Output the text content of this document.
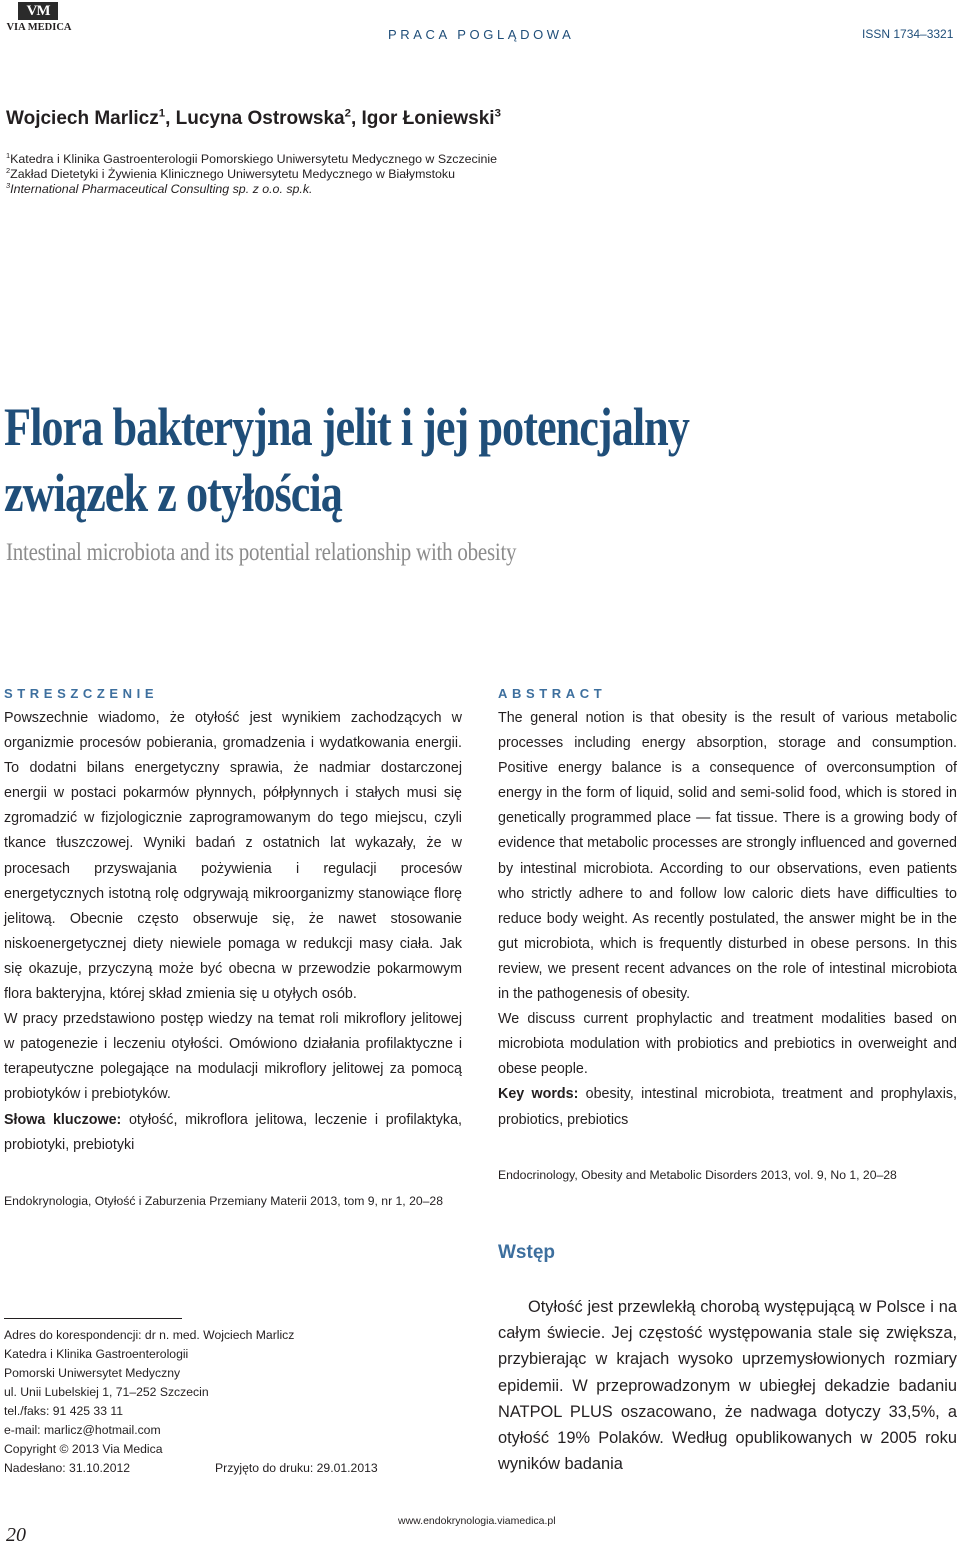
VM
VIA MEDICA	PRACA POGLĄDOWA	ISSN 1734–3321
Wojciech Marlicz$^1$, Lucyna Ostrowska$^2$, Igor Łoniewski$^3$
$^1$Katedra i Klinika Gastroenterologii Pomorskiego Uniwersytetu Medycznego w Szczecinie
$^2$Zakład Dietetyki i Żywienia Klinicznego Uniwersytetu Medycznego w Białymstoku
$^3$International Pharmaceutical Consulting sp. z o.o. sp.k.
Flora bakteryjna jelit i jej potencjalny
związek z otyłością
Intestinal microbiota and its potential relationship with obesity
STRESZCZENIE

Powszechnie wiadomo, że otyłość jest wynikiem zachodzących w organizmie procesów pobierania, gromadzenia i wydatkowania energii. To dodatni bilans energetyczny sprawia, że nadmiar dostarczonej energii w postaci pokarmów płynnych, półpłynnych i stałych musi się zgromadzić w fizjologicznie zaprogramowanym do tego miejscu, czyli tkance tłuszczowej. Wyniki badań z ostatnich lat wykazały, że w procesach przyswajania pożywienia i regulacji procesów energetycznych istotną rolę odgrywają mikroorganizmy stanowiące florę jelitową. Obecnie często obserwuje się, że nawet stosowanie niskoenergetycznej diety niewiele pomaga w redukcji masy ciała. Jak się okazuje, przyczyną może być obecna w przewodzie pokarmowym flora bakteryjna, której skład zmienia się u otyłych osób.

W pracy przedstawiono postęp wiedzy na temat roli mikroflory jelitowej w patogenezie i leczeniu otyłości. Omówiono działania profilaktyczne i terapeutyczne polegające na modulacji mikroflory jelitowej za pomocą probiotyków i prebiotyków.

Słowa kluczowe: otyłość, mikroflora jelitowa, leczenie i profilaktyka, probiotyki, prebiotyki

Endokrynologia, Otyłość i Zaburzenia Przemiany Materii 2013, tom 9, nr 1, 20–28
ABSTRACT

The general notion is that obesity is the result of various metabolic processes including energy absorption, storage and consumption. Positive energy balance is a consequence of overconsumption of energy in the form of liquid, solid and semi-solid food, which is stored in genetically programmed place — fat tissue. There is a growing body of evidence that metabolic processes are strongly influenced and governed by intestinal microbiota. According to our observations, even patients who strictly adhere to and follow low caloric diets have difficulties to reduce body weight. As recently postulated, the answer might be in the gut microbiota, which is frequently disturbed in obese persons. In this review, we present recent advances on the role of intestinal microbiota in the pathogenesis of obesity.

We discuss current prophylactic and treatment modalities based on microbiota modulation with probiotics and prebiotics in overweight and obese people.

Key words: obesity, intestinal microbiota, treatment and prophylaxis, probiotics, prebiotics

Endocrinology, Obesity and Metabolic Disorders 2013, vol. 9, No 1, 20–28
Wstęp

Otyłość jest przewlekłą chorobą występującą w Polsce i na całym świecie. Jej częstość występowania stale się zwiększa, przybierając w krajach wysoko uprzemysłowionych rozmiary epidemii. W przeprowadzonym w ubiegłej dekadzie badaniu NATPOL PLUS oszacowano, że nadwaga dotyczy 33,5%, a otyłość 19% Polaków. Według opublikowanych w 2005 roku wyników badania

Adres do korespondencji: dr n. med. Wojciech Marlicz
Katedra i Klinika Gastroenterologii
Pomorski Uniwersytet Medyczny
ul. Unii Lubelskiej 1, 71–252 Szczecin
tel./faks: 91 425 33 11
e-mail: marlicz@hotmail.com
Copyright © 2013 Via Medica
Nadesłano: 31.10.2012	Przyjęto do druku: 29.01.2013
20
www.endokrynologia.viamedica.pl
